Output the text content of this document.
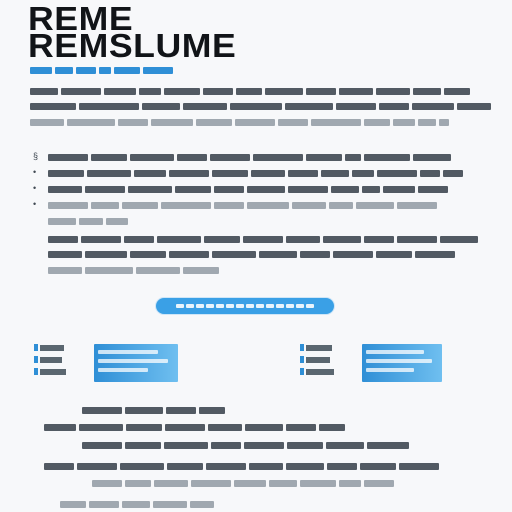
REME
REMSLUME
§
•
•
•
